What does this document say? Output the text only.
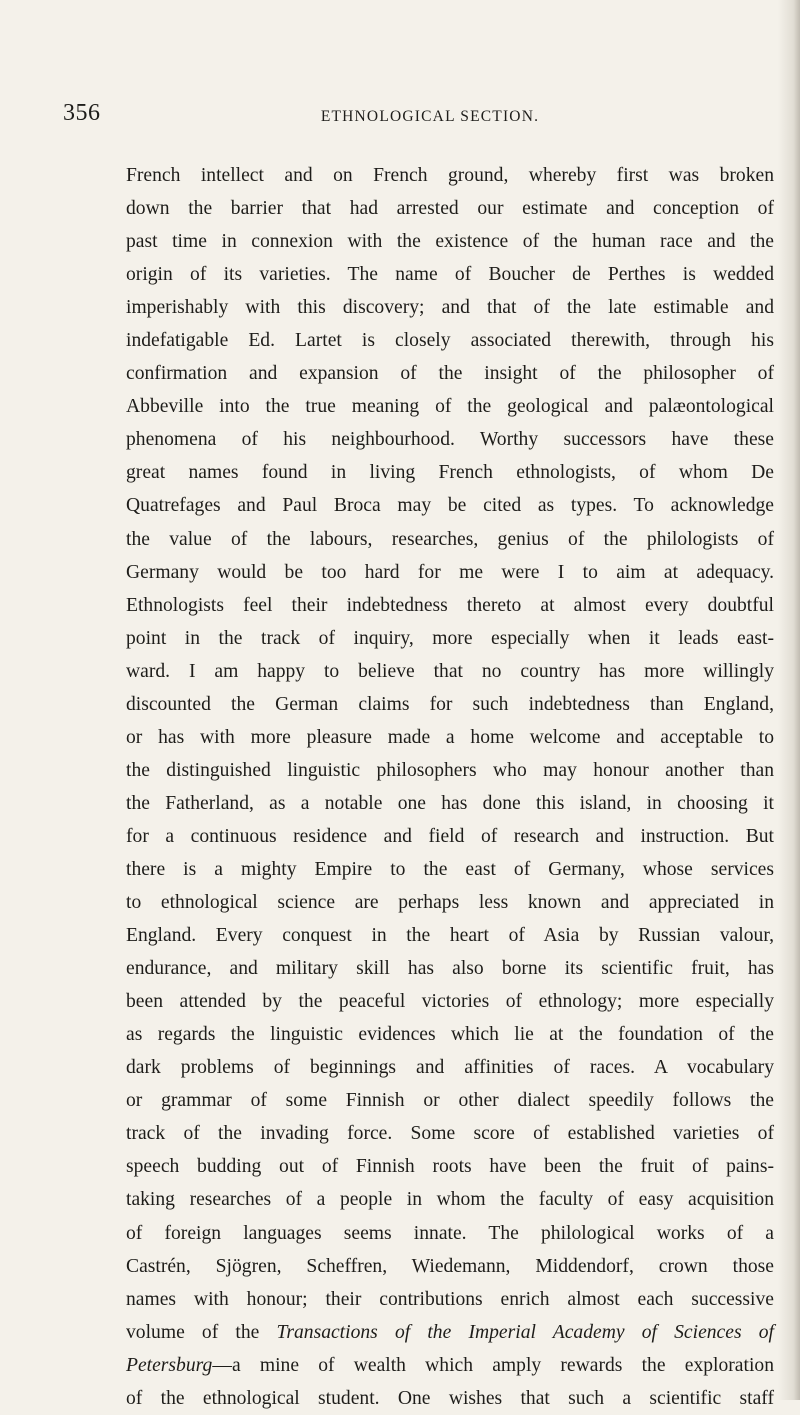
356	ETHNOLOGICAL SECTION.
French intellect and on French ground, whereby first was broken
down the barrier that had arrested our estimate and conception of
past time in connexion with the existence of the human race and the
origin of its varieties. The name of Boucher de Perthes is wedded
imperishably with this discovery; and that of the late estimable and
indefatigable Ed. Lartet is closely associated therewith, through his
confirmation and expansion of the insight of the philosopher of
Abbeville into the true meaning of the geological and palæontological
phenomena of his neighbourhood. Worthy successors have these
great names found in living French ethnologists, of whom De
Quatrefages and Paul Broca may be cited as types. To acknowledge
the value of the labours, researches, genius of the philologists of
Germany would be too hard for me were I to aim at adequacy.
Ethnologists feel their indebtedness thereto at almost every doubtful
point in the track of inquiry, more especially when it leads east-
ward. I am happy to believe that no country has more willingly
discounted the German claims for such indebtedness than England,
or has with more pleasure made a home welcome and acceptable to
the distinguished linguistic philosophers who may honour another than
the Fatherland, as a notable one has done this island, in choosing it
for a continuous residence and field of research and instruction. But
there is a mighty Empire to the east of Germany, whose services
to ethnological science are perhaps less known and appreciated in
England. Every conquest in the heart of Asia by Russian valour,
endurance, and military skill has also borne its scientific fruit, has
been attended by the peaceful victories of ethnology; more especially
as regards the linguistic evidences which lie at the foundation of the
dark problems of beginnings and affinities of races. A vocabulary
or grammar of some Finnish or other dialect speedily follows the
track of the invading force. Some score of established varieties of
speech budding out of Finnish roots have been the fruit of pains-
taking researches of a people in whom the faculty of easy acquisition
of foreign languages seems innate. The philological works of a
Castrén, Sjögren, Scheffren, Wiedemann, Middendorf, crown those
names with honour; their contributions enrich almost each successive
volume of the Transactions of the Imperial Academy of Sciences of
Petersburg—a mine of wealth which amply rewards the exploration
of the ethnological student. One wishes that such a scientific staff
